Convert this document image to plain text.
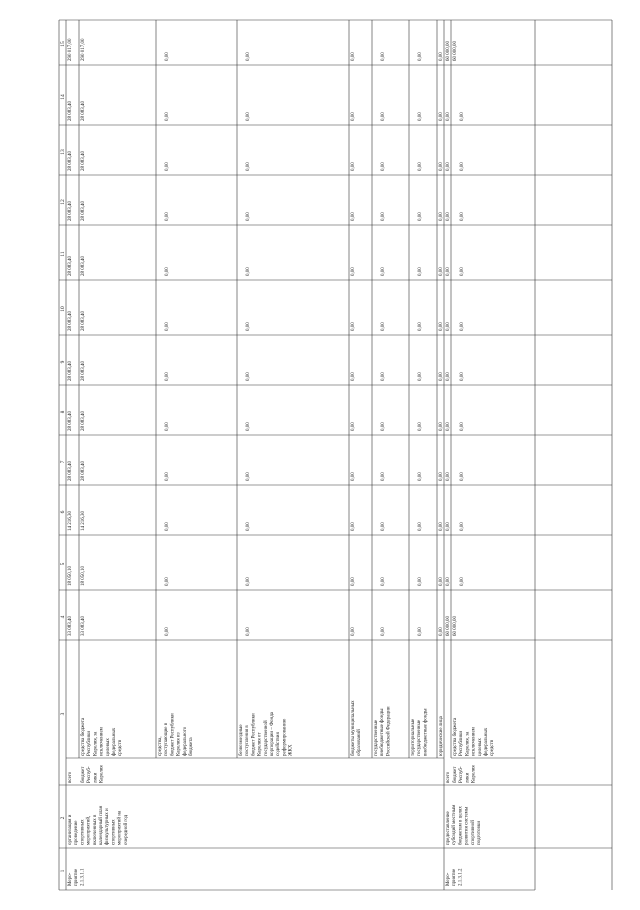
1
2
3
4
5
6
7
8
9
10
11
12
13
14
15
Меро- приятие 2.1.3.1.1
организация и проведение спортивных мероприятий, включенных в календарный план физкультурных и спортивных мероприятий на очередной год
всего
33 083,40
18 050,10
14 216,30
28 083,40
28 083,40
28 083,40
28 083,40
28 083,40
28 083,40
28 083,40
28 083,40
290 017,00
бюджет Респуб- лики Карелия
средства бюджета Республики Карелия, за исключением целевых федеральных средств
33 083,40
18 050,10
14 216,30
28 083,40
28 083,40
28 083,40
28 083,40
28 083,40
28 083,40
28 083,40
28 083,40
290 017,00
средства, поступающие в бюджет Республики Карелия из федерального бюджета
0,00
0,00
0,00
0,00
0,00
0,00
0,00
0,00
0,00
0,00
0,00
0,00
безвозмездные поступления в бюджет Республики Карелия от государственной корпорации – Фонда содействия реформированию ЖКХ
0,00
0,00
0,00
0,00
0,00
0,00
0,00
0,00
0,00
0,00
0,00
0,00
бюджеты муниципальных образований
0,00
0,00
0,00
0,00
0,00
0,00
0,00
0,00
0,00
0,00
0,00
0,00
государственные внебюджетные фонды Российской Федерации
0,00
0,00
0,00
0,00
0,00
0,00
0,00
0,00
0,00
0,00
0,00
0,00
территориальные государственные внебюджетные фонды
0,00
0,00
0,00
0,00
0,00
0,00
0,00
0,00
0,00
0,00
0,00
0,00
юридические лица
0,00
0,00
0,00
0,00
0,00
0,00
0,00
0,00
0,00
0,00
0,00
0,00
Меро- приятие 2.1.3.1.2
предоставление субсидий местным бюджетам в целях развития системы спортивной подготовки
всего
60 000,00
0,00
0,00
0,00
0,00
0,00
0,00
0,00
0,00
0,00
0,00
60 000,00
бюджет Респуб- лики Карелия
средства бюджета Республики Карелия, за исключением целевых федеральных средств
60 000,00
0,00
0,00
0,00
0,00
0,00
0,00
0,00
0,00
0,00
0,00
60 000,00
